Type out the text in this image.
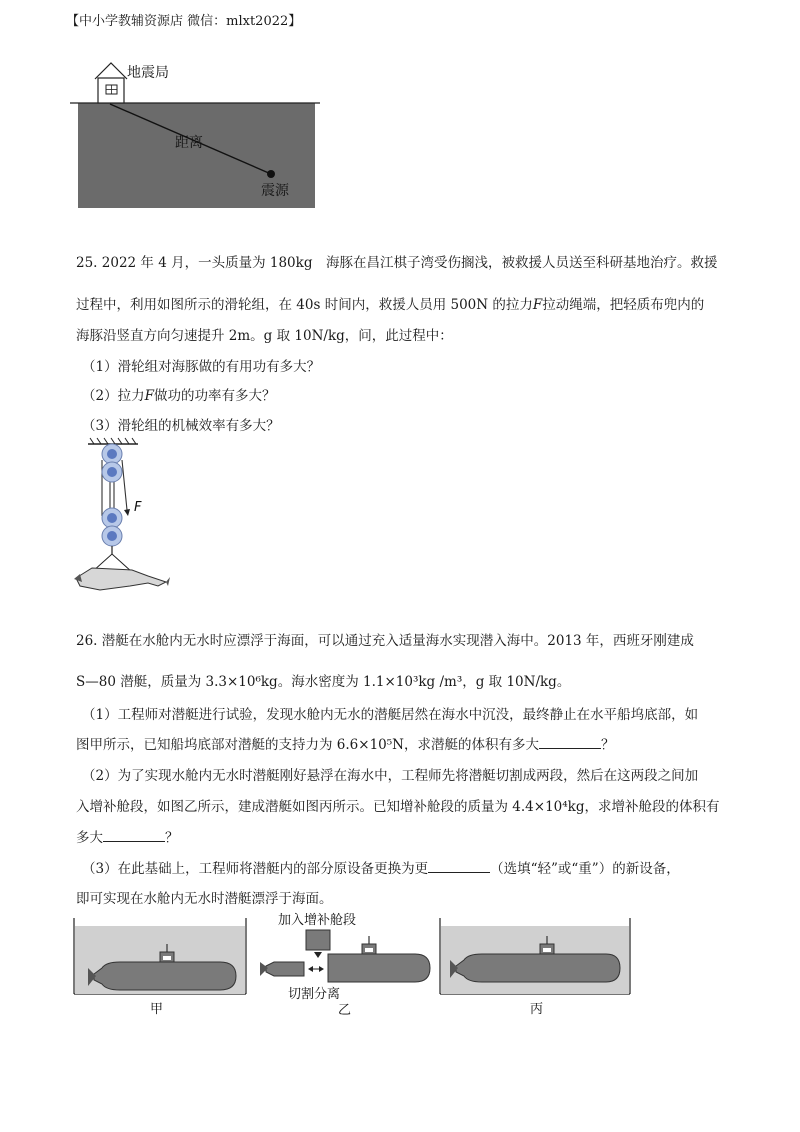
【中小学教辅资源店 微信：mlxt2022】
地震局
距离
震源
25. 2022 年 4 月，一头质量为 180kg　海豚在昌江棋子湾受伤搁浅，被救援人员送至科研基地治疗。救援
过程中，利用如图所示的滑轮组，在 40s 时间内，救援人员用 500N 的拉力F拉动绳端，把轻质布兜内的
海豚沿竖直方向匀速提升 2m。g 取 10N/kg，问，此过程中：
（1）滑轮组对海豚做的有用功有多大？
（2）拉力F做功的功率有多大？
（3）滑轮组的机械效率有多大？
F
26. 潜艇在水舱内无水时应漂浮于海面，可以通过充入适量海水实现潜入海中。2013 年，西班牙刚建成
S—80 潜艇，质量为 3.3×10⁶kg。海水密度为 1.1×10³kg /m³，g 取 10N/kg。
（1）工程师对潜艇进行试验，发现水舱内无水的潜艇居然在海水中沉没，最终静止在水平船坞底部，如
图甲所示，已知船坞底部对潜艇的支持力为 6.6×10⁵N，求潜艇的体积有多大	？
（2）为了实现水舱内无水时潜艇刚好悬浮在海水中，工程师先将潜艇切割成两段，然后在这两段之间加
入增补舱段，如图乙所示，建成潜艇如图丙所示。已知增补舱段的质量为 4.4×10⁴kg，求增补舱段的体积有
多大	？
（3）在此基础上，工程师将潜艇内的部分原设备更换为更	（选填“轻”或“重”）的新设备，
即可实现在水舱内无水时潜艇漂浮于海面。
甲
加入增补舱段
切割分离
乙	丙
